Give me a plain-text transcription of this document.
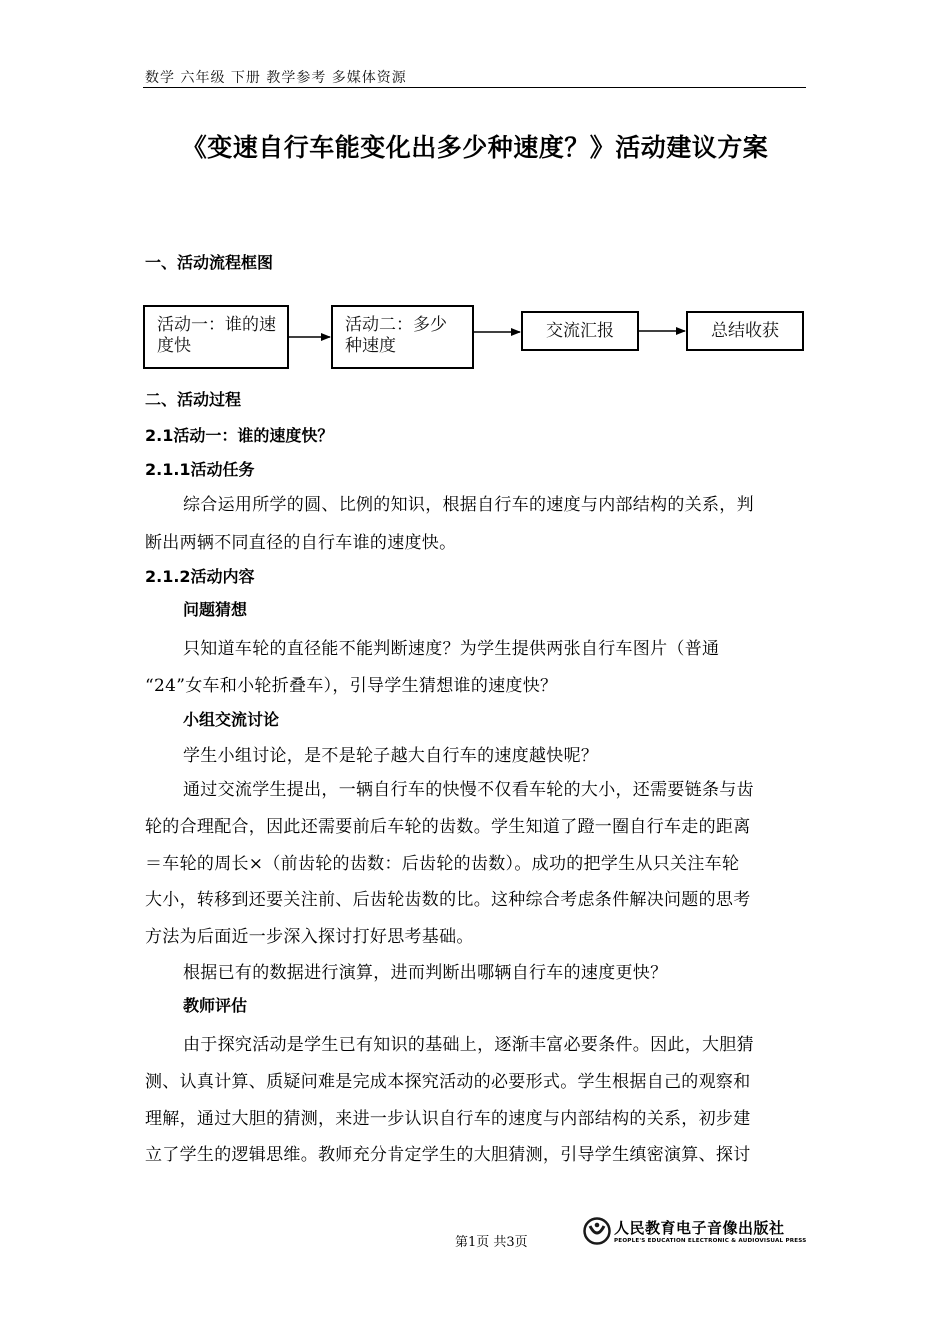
数学 六年级 下册 教学参考 多媒体资源
《变速自行车能变化出多少种速度？》活动建议方案
一、活动流程框图
活动一：谁的速度快
活动二：多少种速度
交流汇报	总结收获
二、活动过程
2.1活动一：谁的速度快？
2.1.1活动任务
综合运用所学的圆、比例的知识，根据自行车的速度与内部结构的关系，判
断出两辆不同直径的自行车谁的速度快。
2.1.2活动内容
问题猜想
只知道车轮的直径能不能判断速度？为学生提供两张自行车图片（普通
“24”女车和小轮折叠车），引导学生猜想谁的速度快？
小组交流讨论
学生小组讨论，是不是轮子越大自行车的速度越快呢？
通过交流学生提出，一辆自行车的快慢不仅看车轮的大小，还需要链条与齿
轮的合理配合，因此还需要前后车轮的齿数。学生知道了蹬一圈自行车走的距离
＝车轮的周长×（前齿轮的齿数：后齿轮的齿数）。成功的把学生从只关注车轮
大小，转移到还要关注前、后齿轮齿数的比。这种综合考虑条件解决问题的思考
方法为后面近一步深入探讨打好思考基础。
根据已有的数据进行演算，进而判断出哪辆自行车的速度更快？
教师评估
由于探究活动是学生已有知识的基础上，逐渐丰富必要条件。因此，大胆猜
测、认真计算、质疑问难是完成本探究活动的必要形式。学生根据自己的观察和
理解，通过大胆的猜测，来进一步认识自行车的速度与内部结构的关系，初步建
立了学生的逻辑思维。教师充分肯定学生的大胆猜测，引导学生缜密演算、探讨
第1页 共3页
人民教育电子音像出版社
PEOPLE'S EDUCATION ELECTRONIC & AUDIOVISUAL PRESS
